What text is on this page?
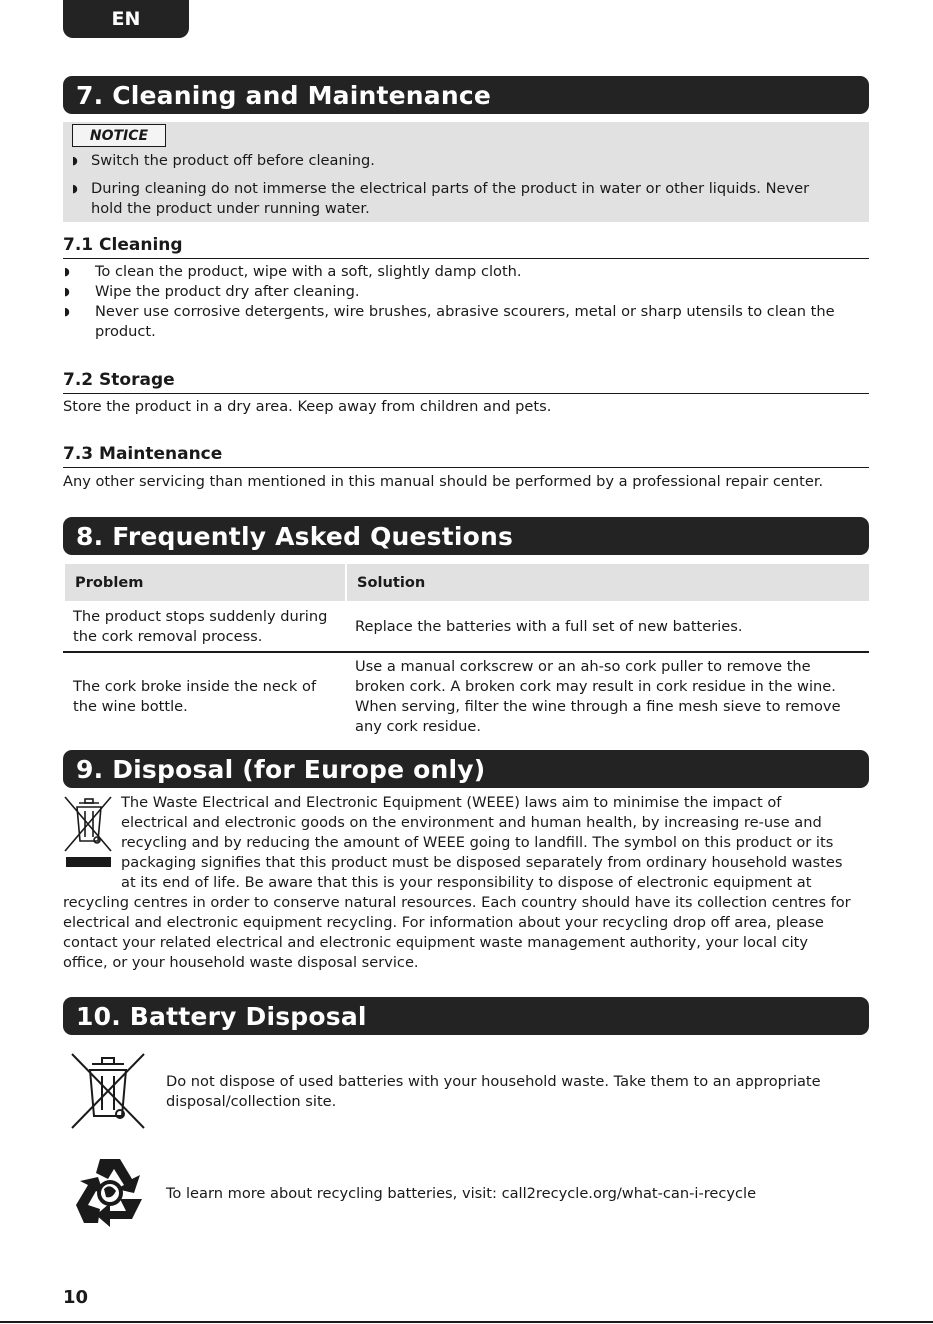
EN
7. Cleaning and Maintenance
NOTICE
◗ Switch the product off before cleaning.
◗ During cleaning do not immerse the electrical parts of the product in water or other liquids. Never
hold the product under running water.
7.1 Cleaning
◗ To clean the product, wipe with a soft, slightly damp cloth.
◗ Wipe the product dry after cleaning.
◗ Never use corrosive detergents, wire brushes, abrasive scourers, metal or sharp utensils to clean the
product.
7.2 Storage
Store the product in a dry area. Keep away from children and pets.
7.3 Maintenance
Any other servicing than mentioned in this manual should be performed by a professional repair center.
8. Frequently Asked Questions
Problem	Solution
The product stops suddenly during
the cork removal process.
Replace the batteries with a full set of new batteries.
The cork broke inside the neck of
the wine bottle.
Use a manual corkscrew or an ah-so cork puller to remove the
broken cork. A broken cork may result in cork residue in the wine.
When serving, filter the wine through a fine mesh sieve to remove
any cork residue.
9. Disposal (for Europe only)
The Waste Electrical and Electronic Equipment (WEEE) laws aim to minimise the impact of
electrical and electronic goods on the environment and human health, by increasing re-use and
recycling and by reducing the amount of WEEE going to landfill. The symbol on this product or its
packaging signifies that this product must be disposed separately from ordinary household wastes
at its end of life. Be aware that this is your responsibility to dispose of electronic equipment at
recycling centres in order to conserve natural resources. Each country should have its collection centres for
electrical and electronic equipment recycling. For information about your recycling drop off area, please
contact your related electrical and electronic equipment waste management authority, your local city
office, or your household waste disposal service.
10. Battery Disposal
Do not dispose of used batteries with your household waste. Take them to an appropriate
disposal/collection site.
To learn more about recycling batteries, visit: call2recycle.org/what-can-i-recycle
10
